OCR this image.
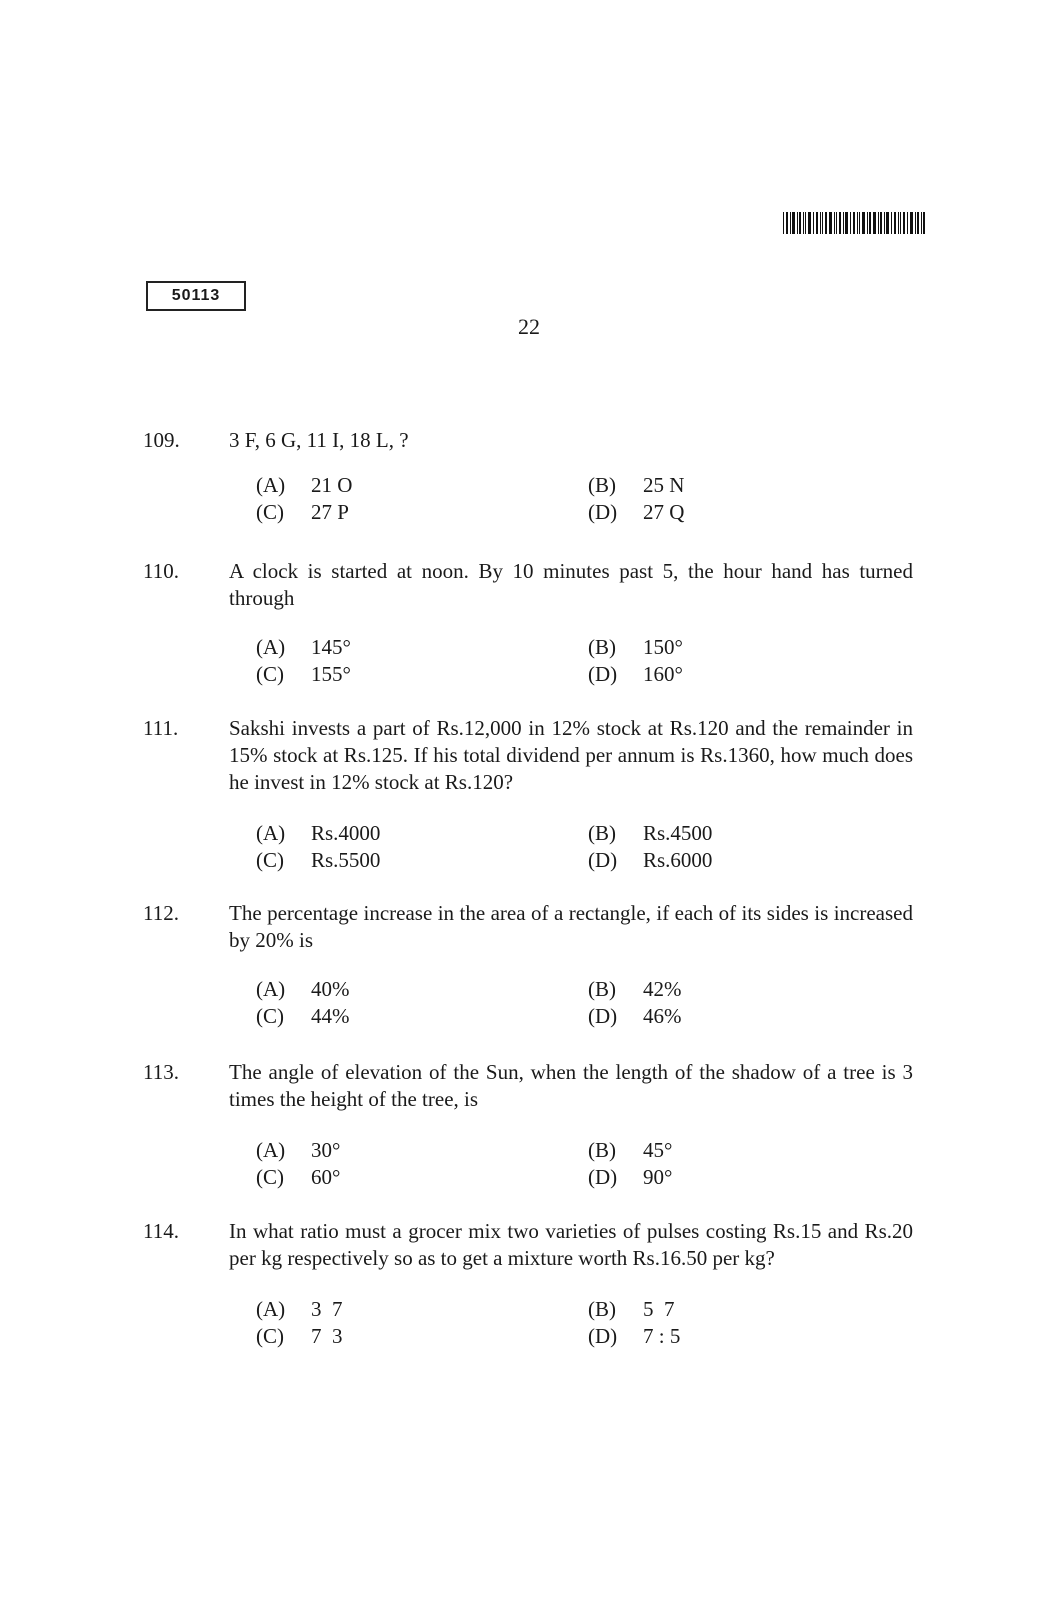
50113
22
109. 3 F, 6 G, 11 I, 18 L, ?
(A) 21 O	(B) 25 N
(C) 27 P	(D) 27 Q
110. A clock is started at noon. By 10 minutes past 5, the hour hand has turned through
(A) 145°	(B) 150°
(C) 155°	(D) 160°
111. Sakshi invests a part of Rs.12,000 in 12% stock at Rs.120 and the remainder in 15% stock at Rs.125. If his total dividend per annum is Rs.1360, how much does he invest in 12% stock at Rs.120?
(A) Rs.4000	(B) Rs.4500
(C) Rs.5500	(D) Rs.6000
112. The percentage increase in the area of a rectangle, if each of its sides is increased by 20% is
(A) 40%	(B) 42%
(C) 44%	(D) 46%
113. The angle of elevation of the Sun, when the length of the shadow of a tree is 3 times the height of the tree, is
(A) 30°	(B) 45°
(C) 60°	(D) 90°
114. In what ratio must a grocer mix two varieties of pulses costing Rs.15 and Rs.20 per kg respectively so as to get a mixture worth Rs.16.50 per kg?
(A) 3  7	(B) 5  7
(C) 7  3	(D) 7 : 5
